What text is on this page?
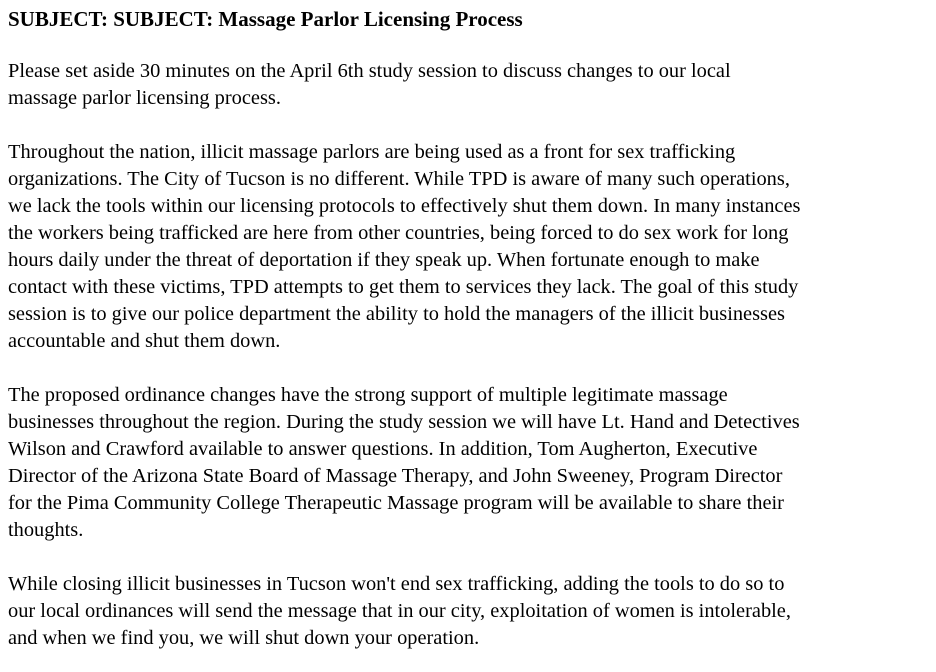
SUBJECT: SUBJECT: Massage Parlor Licensing Process
Please set aside 30 minutes on the April 6th study session to discuss changes to our local
massage parlor licensing process.
Throughout the nation, illicit massage parlors are being used as a front for sex trafficking
organizations. The City of Tucson is no different. While TPD is aware of many such operations,
we lack the tools within our licensing protocols to effectively shut them down. In many instances
the workers being trafficked are here from other countries, being forced to do sex work for long
hours daily under the threat of deportation if they speak up. When fortunate enough to make
contact with these victims, TPD attempts to get them to services they lack. The goal of this study
session is to give our police department the ability to hold the managers of the illicit businesses
accountable and shut them down.
The proposed ordinance changes have the strong support of multiple legitimate massage
businesses throughout the region. During the study session we will have Lt. Hand and Detectives
Wilson and Crawford available to answer questions. In addition, Tom Augherton, Executive
Director of the Arizona State Board of Massage Therapy, and John Sweeney, Program Director
for the Pima Community College Therapeutic Massage program will be available to share their
thoughts.
While closing illicit businesses in Tucson won't end sex trafficking, adding the tools to do so to
our local ordinances will send the message that in our city, exploitation of women is intolerable,
and when we find you, we will shut down your operation.
